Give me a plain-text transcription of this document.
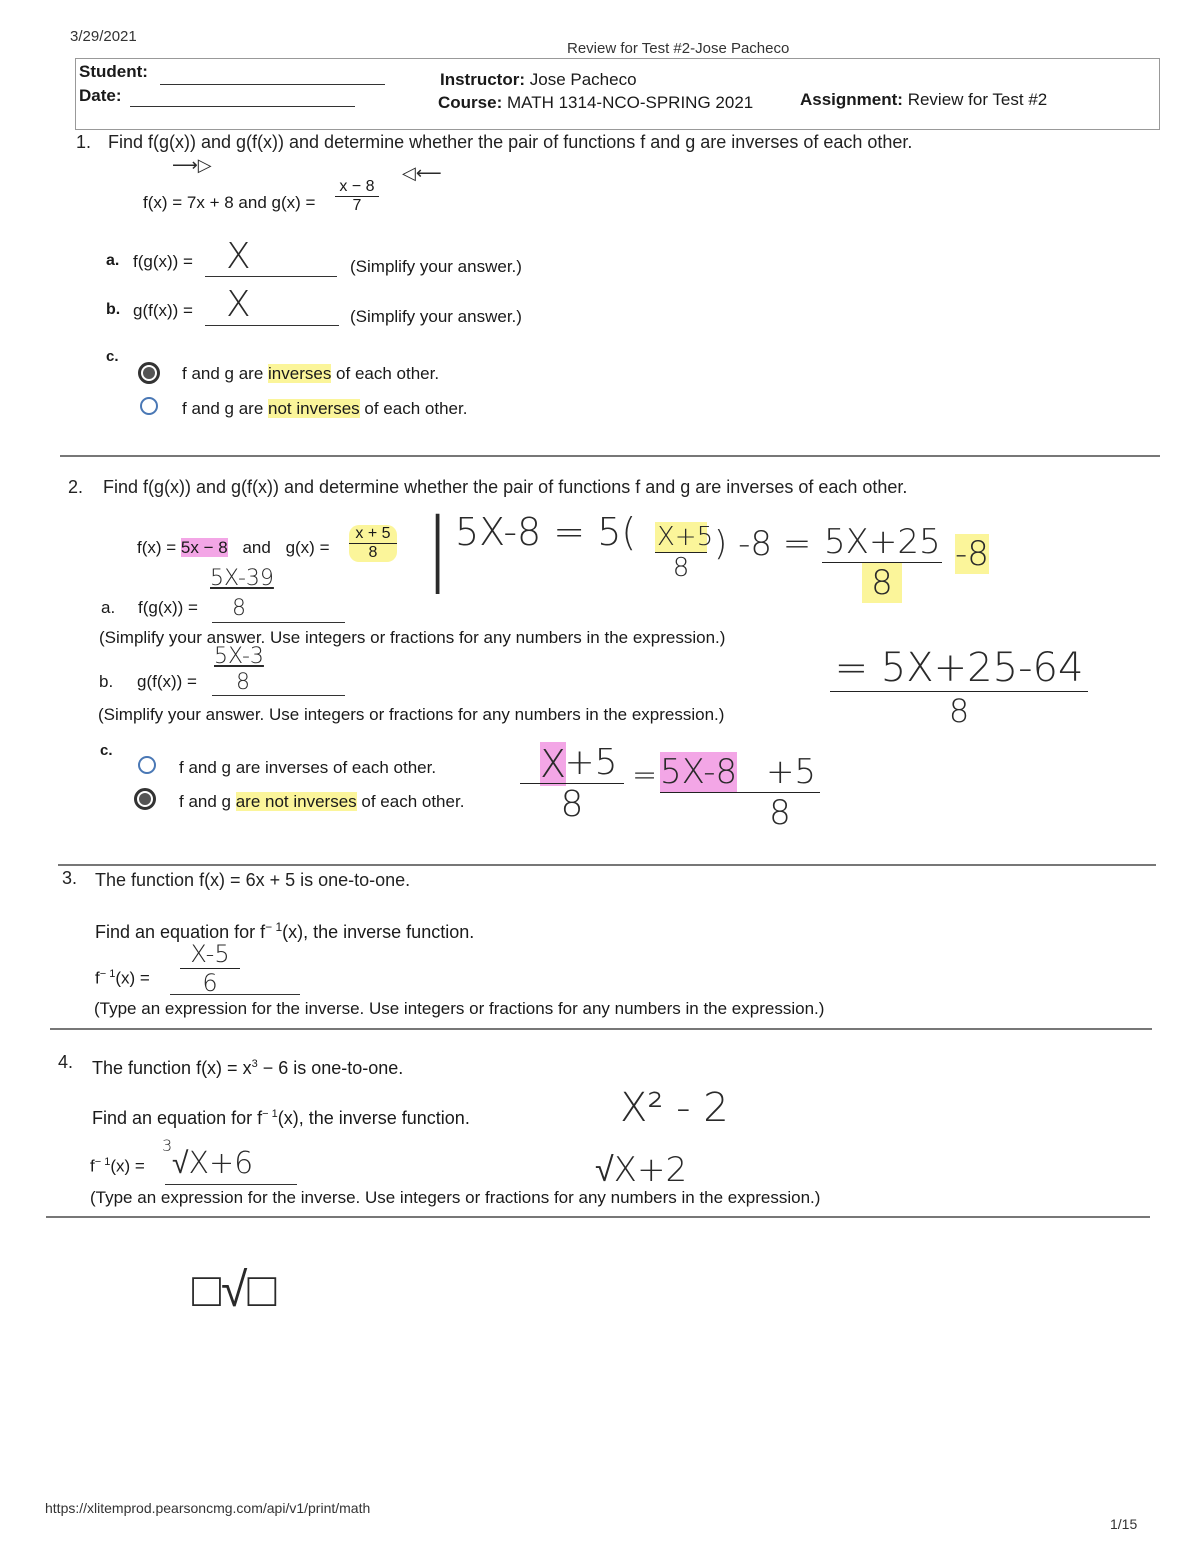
3/29/2021
Review for Test #2-Jose Pacheco
Student:
Date:
Instructor: Jose Pacheco
Course: MATH 1314-NCO-SPRING 2021	Assignment: Review for Test #2
1. Find f(g(x)) and g(f(x)) and determine whether the pair of functions f and g are inverses of each other.
⟶▷	◁⟵
f(x) = 7x + 8 and $g(x) = \frac{x - 8}{7}$
a. f(g(x)) = X	(Simplify your answer.)
b. g(f(x)) = X	(Simplify your answer.)
c.
f and g are inverses of each other.
f and g are not inverses of each other.
2. Find f(g(x)) and g(f(x)) and determine whether the pair of functions f and g are inverses of each other.
f(x) = 5x − 8 and $g(x) = \frac{x + 5}{8}$
5X-39
a. f(g(x)) = 8
(Simplify your answer. Use integers or fractions for any numbers in the expression.)
5X-3
b. g(f(x)) = 8
(Simplify your answer. Use integers or fractions for any numbers in the expression.)
c.
f and g are inverses of each other.
f and g are not inverses of each other.
| $5X-8 = 5( \frac{X+5}{8}$ ) $-8 = \frac{5X+25}{8} -8$
= 5X+25-64
8
X
$\frac{+5}{8} = 5X-8$
$\frac{+5}{8}$
3. The function f(x) = 6x + 5 is one-to-one.
Find an equation for $f^{- 1}(x)$, the inverse function.
$f^{- 1}(x) = \frac{X-5}{6}$
(Type an expression for the inverse. Use integers or fractions for any numbers in the expression.)
4. The function $f(x) = x^3 - 6$ is one-to-one.
Find an equation for $f^{- 1}(x)$, the inverse function.
$f^{- 1}(x)$ =
3
√X+6
X² - 2
√X+2
(Type an expression for the inverse. Use integers or fractions for any numbers in the expression.)
□√□
https://xlitemprod.pearsoncmg.com/api/v1/print/math
1/15
